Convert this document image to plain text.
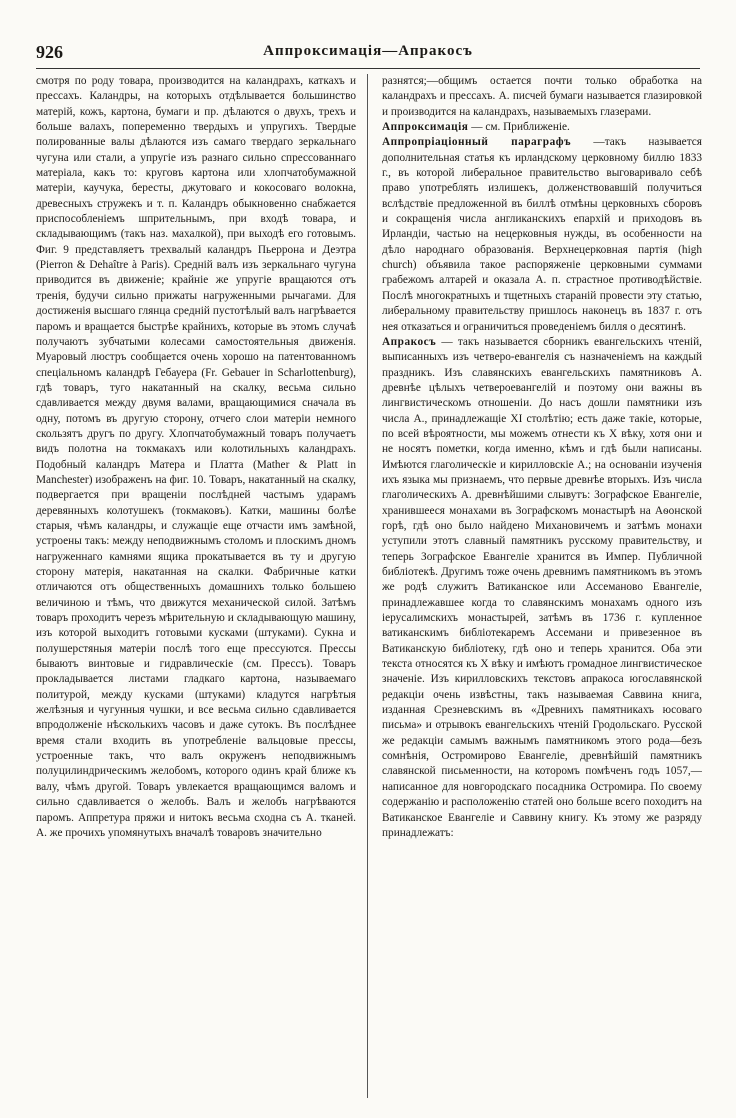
926	Аппроксимація—Апракосъ

смотря по роду товара, производится на каландрахъ, каткахъ и прессахъ. Каландры, на которыхъ отдѣлывается большинство матерій, кожъ, картона, бумаги и пр. дѣлаются о двухъ, трехъ и больше валахъ, попеременно твердыхъ и упругихъ. Твердые полированные валы дѣлаются изъ самаго твердаго зеркальнаго чугуна или стали, а упругіе изъ разнаго сильно спрессованнаго матеріала, какъ то: круговъ картона или хлопчатобумажной матеріи, каучука, бересты, джутоваго и кокосоваго волокна, древесныхъ стружекъ и т. п. Каландръ обыкновенно снабжается приспособленіемъ шпрительнымъ, при входѣ товара, и складывающимъ (такъ наз. махалкой), при выходѣ его готовымъ. Фиг. 9 представляетъ трехвалый каландръ Пьеррона и Деэтра (Pierron & Dehaître à Paris). Средній валъ изъ зеркальнаго чугуна приводится въ движеніе; крайніе же упругіе вращаются отъ тренія, будучи сильно прижаты нагруженными рычагами. Для достиженія высшаго глянца средній пустотѣлый валъ нагрѣвается паромъ и вращается быстрѣе крайнихъ, которые въ этомъ случаѣ получаютъ зубчатыми колесами самостоятельныя движенія. Муаровый люстръ сообщается очень хорошо на патентованномъ спеціальномъ каландрѣ Гебауера (Fr. Gebauer in Scharlottenburg), гдѣ товаръ, туго накатанный на скалку, весьма сильно сдавливается между двумя валами, вращающимися сначала въ одну, потомъ въ другую сторону, отчего слои матеріи немного скользятъ другъ по другу. Хлопчатобумажный товаръ получаетъ видъ полотна на токмакахъ или колотильныхъ каландрахъ. Подобный каландръ Матера и Платта (Mather & Platt in Manchester) изображенъ на фиг. 10. Товаръ, накатанный на скалку, подвергается при вращеніи послѣдней частымъ ударамъ деревянныхъ колотушекъ (токмаковъ). Катки, машины болѣе старыя, чѣмъ каландры, и служащіе еще отчасти имъ замѣной, устроены такъ: между неподвижнымъ столомъ и плоскимъ дномъ нагруженнаго камнями ящика прокатывается въ ту и другую сторону матерія, накатанная на скалки. Фабричные катки отличаются отъ общественныхъ домашнихъ только большею величиною и тѣмъ, что движутся механической силой. Затѣмъ товаръ проходитъ черезъ мѣрительную и складывающую машину, изъ которой выходитъ готовыми кусками (штуками). Сукна и полушерстяныя матеріи послѣ того еще прессуются. Прессы бываютъ винтовые и гидравлическіе (см. Прессъ). Товаръ прокладывается листами гладкаго картона, называемаго политурой, между кусками (штуками) кладутся нагрѣтыя желѣзныя и чугунныя чушки, и все весьма сильно сдавливается впродолженіе нѣсколькихъ часовъ и даже сутокъ. Въ послѣднее время стали входить въ употребленіе вальцовые прессы, устроенные такъ, что валъ окруженъ неподвижнымъ полуцилиндрическимъ желобомъ, которого одинъ край ближе къ валу, чѣмъ другой. Товаръ увлекается вращающимся валомъ и сильно сдавливается о желобъ. Валъ и желобъ нагрѣваются паромъ. Аппретура пряжи и нитокъ весьма сходна съ А. тканей. А. же прочихъ упомянутыхъ вначалѣ товаровъ значительно

разнятся;—общимъ остается почти только обработка на каландрахъ и прессахъ. А. писчей бумаги называется глазировкой и производится на каландрахъ, называемыхъ глазерами.

Аппроксимація — см. Приближеніе.

Аппропріаціонный параграфъ —такъ называется дополнительная статья къ ирландскому церковному биллю 1833 г., въ которой либеральное правительство выговаривало себѣ право употреблять излишекъ, долженствовавшій получиться вслѣдствіе предложенной въ биллѣ отмѣны церковныхъ сборовъ и сокращенія числа англиканскихъ епархій и приходовъ въ Ирландіи, частью на нецерковныя нужды, въ особенности на дѣло народнаго образованія. Верхнецерковная партія (high church) объявила такое распоряженіе церковными суммами грабежомъ алтарей и оказала А. п. страстное противодѣйствіе. Послѣ многократныхъ и тщетныхъ стараній провести эту статью, либеральному правительству пришлось наконецъ въ 1837 г. отъ нея отказаться и ограничиться проведеніемъ билля о десятинѣ.

Апракосъ — такъ называется сборникъ евангельскихъ чтеній, выписанныхъ изъ четверо-евангелія съ назначеніемъ на каждый праздникъ. Изъ славянскихъ евангельскихъ памятниковъ А. древнѣе цѣлыхъ четвероевангелій и поэтому они важны въ лингвистическомъ отношеніи. До насъ дошли памятники изъ числа А., принадлежащіе XI столѣтію; есть даже такіе, которые, по всей вѣроятности, мы можемъ отнести къ X вѣку, хотя они и не носятъ пометки, когда именно, кѣмъ и гдѣ были написаны. Имѣются глаголическіе и кирилловскіе А.; на основаніи изученія ихъ языка мы признаемъ, что первые древнѣе вторыхъ. Изъ числа глаголическихъ А. древнѣйшими слывутъ: Зографское Евангеліе, хранившееся монахами въ Зографскомъ монастырѣ на Аѳонской горѣ, гдѣ оно было найдено Михановичемъ и затѣмъ монахи уступили этотъ славный памятникъ русскому правительству, и теперь Зографское Евангеліе хранится въ Импер. Публичной библіотекѣ. Другимъ тоже очень древнимъ памятникомъ въ этомъ же родѣ служитъ Ватиканское или Ассеманово Евангеліе, принадлежавшее когда то славянскимъ монахамъ одного изъ іерусалимскихъ монастырей, затѣмъ въ 1736 г. купленное ватиканскимъ библіотекаремъ Ассемани и привезенное въ Ватиканскую библіотеку, гдѣ оно и теперь хранится. Оба эти текста относятся къ X вѣку и имѣютъ громадное лингвистическое значеніе. Изъ кирилловскихъ текстовъ апракоса югославянской редакціи очень извѣстны, такъ называемая Саввина книга, изданная Срезневскимъ въ «Древнихъ памятникахъ юсоваго письма» и отрывокъ евангельскихъ чтеній Гродольскаго. Русской же редакціи самымъ важнымъ памятникомъ этого рода—безъ сомнѣнія, Остромирово Евангеліе, древнѣйшій памятникъ славянской письменности, на которомъ помѣченъ годъ 1057,—написанное для новгородскаго посадника Остромира. По своему содержанію и расположенію статей оно больше всего походитъ на Ватиканское Евангеліе и Саввину книгу. Къ этому же разряду принадлежатъ:
